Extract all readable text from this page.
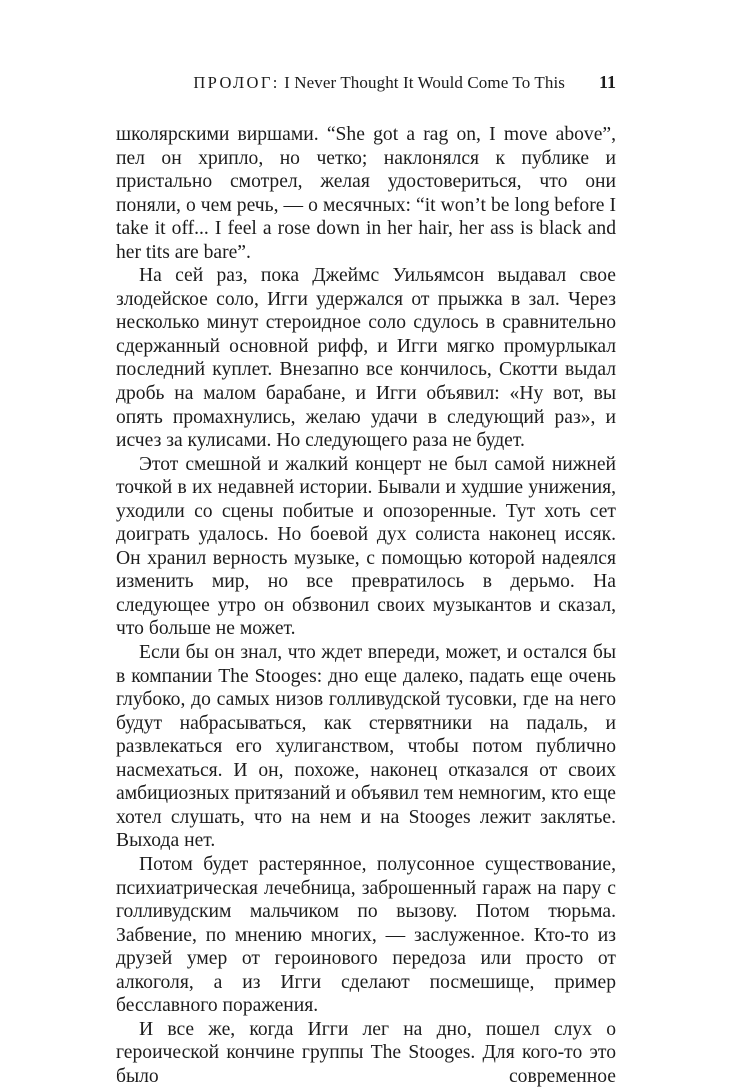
ПРОЛОГ: I Never Thought It Would Come To This 11

школярскими виршами. “She got a rag on, I move above”, пел он хрипло, но четко; наклонялся к публике и пристально смотрел, желая удостовериться, что они поняли, о чем речь, — о месячных: “it won’t be long before I take it off... I feel a rose down in her hair, her ass is black and her tits are bare”.

На сей раз, пока Джеймс Уильямсон выдавал свое злодейское соло, Игги удержался от прыжка в зал. Через несколько минут стероидное соло сдулось в сравнительно сдержанный основной рифф, и Игги мягко промурлыкал последний куплет. Внезапно все кончилось, Скотти выдал дробь на малом барабане, и Игги объявил: «Ну вот, вы опять промахнулись, желаю удачи в следующий раз», и исчез за кулисами. Но следующего раза не будет.

Этот смешной и жалкий концерт не был самой нижней точкой в их недавней истории. Бывали и худшие унижения, уходили со сцены побитые и опозоренные. Тут хоть сет доиграть удалось. Но боевой дух солиста наконец иссяк. Он хранил верность музыке, с помощью которой надеялся изменить мир, но все превратилось в дерьмо. На следующее утро он обзвонил своих музыкантов и сказал, что больше не может.

Если бы он знал, что ждет впереди, может, и остался бы в компании The Stooges: дно еще далеко, падать еще очень глубоко, до самых низов голливудской тусовки, где на него будут набрасываться, как стервятники на падаль, и развлекаться его хулиганством, чтобы потом публично насмехаться. И он, похоже, наконец отказался от своих амбициозных притязаний и объявил тем немногим, кто еще хотел слушать, что на нем и на Stooges лежит заклятье. Выхода нет.

Потом будет растерянное, полусонное существование, психиатрическая лечебница, заброшенный гараж на пару с голливудским мальчиком по вызову. Потом тюрьма. Забвение, по мнению многих, — заслуженное. Кто-то из друзей умер от героинового передоза или просто от алкоголя, а из Игги сделают посмешище, пример бесславного поражения.

И все же, когда Игги лег на дно, пошел слух о героической кончине группы The Stooges. Для кого-то это было современное
